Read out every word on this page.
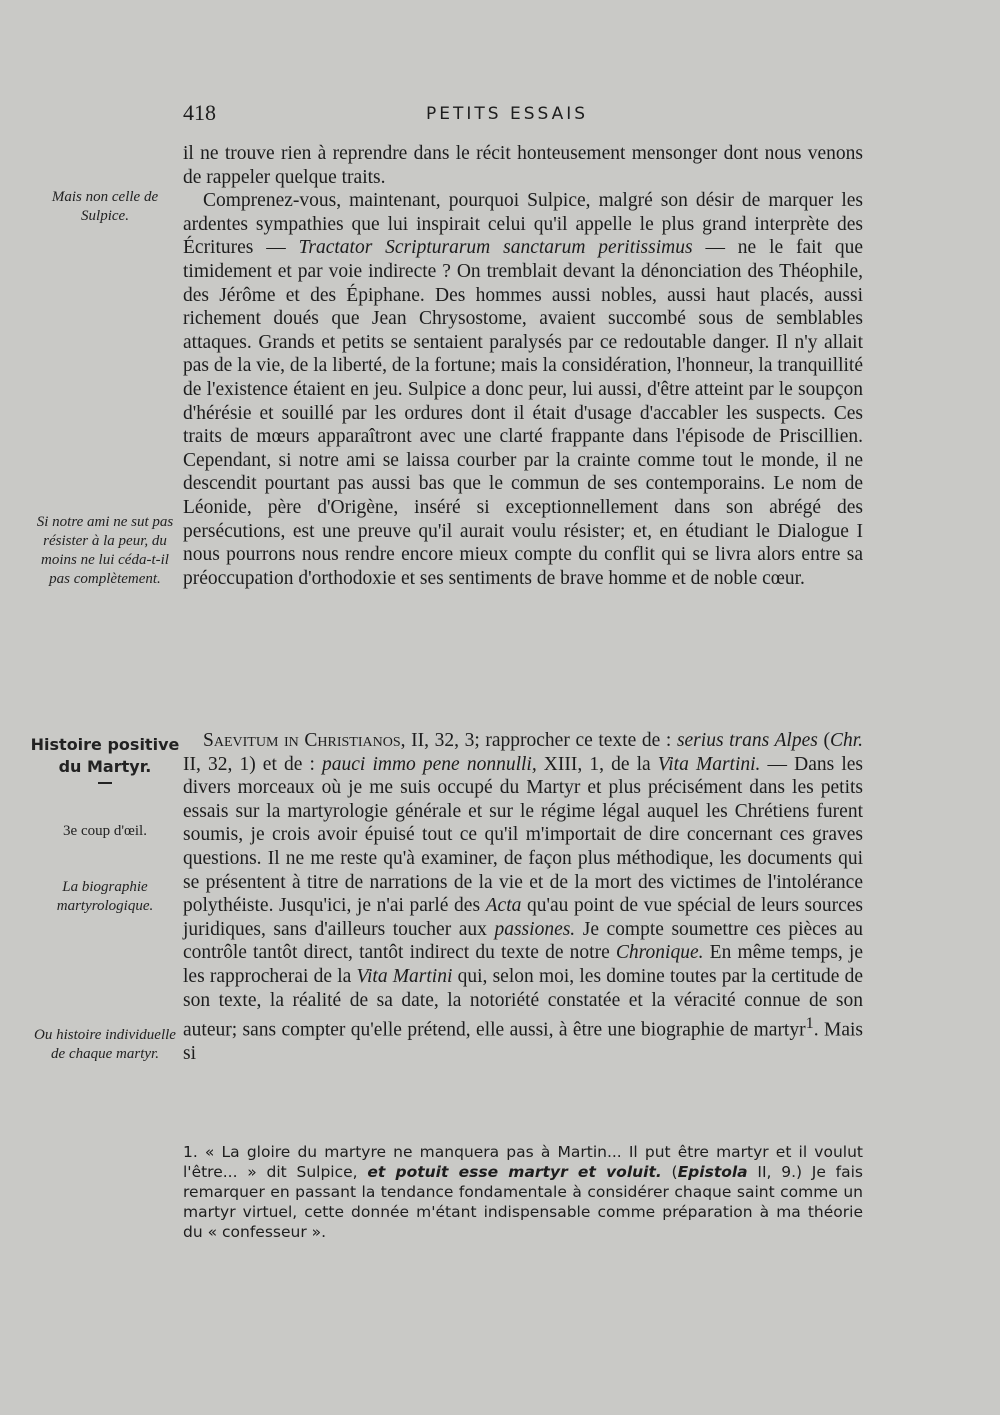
418	PETITS ESSAIS
Mais non celle de Sulpice.
Si notre ami ne sut pas résister à la peur, du moins ne lui céda-t-il pas complètement.
Histoire positive du Martyr.
3e coup d'œil.
La biographie martyrologique.
Ou histoire individuelle de chaque martyr.

il ne trouve rien à reprendre dans le récit honteusement mensonger dont nous venons de rappeler quelque traits.

Comprenez-vous, maintenant, pourquoi Sulpice, malgré son désir de marquer les ardentes sympathies que lui inspirait celui qu'il appelle le plus grand interprète des Écritures — Tractator Scripturarum sanctarum peritissimus — ne le fait que timidement et par voie indirecte ? On tremblait devant la dénonciation des Théophile, des Jérôme et des Épiphane. Des hommes aussi nobles, aussi haut placés, aussi richement doués que Jean Chrysostome, avaient succombé sous de semblables attaques. Grands et petits se sentaient paralysés par ce redoutable danger. Il n'y allait pas de la vie, de la liberté, de la fortune; mais la considération, l'honneur, la tranquillité de l'existence étaient en jeu. Sulpice a donc peur, lui aussi, d'être atteint par le soupçon d'hérésie et souillé par les ordures dont il était d'usage d'accabler les suspects. Ces traits de mœurs apparaîtront avec une clarté frappante dans l'épisode de Priscillien. Cependant, si notre ami se laissa courber par la crainte comme tout le monde, il ne descendit pourtant pas aussi bas que le commun de ses contemporains. Le nom de Léonide, père d'Origène, inséré si exceptionnellement dans son abrégé des persécutions, est une preuve qu'il aurait voulu résister; et, en étudiant le Dialogue I nous pourrons nous rendre encore mieux compte du conflit qui se livra alors entre sa préoccupation d'orthodoxie et ses sentiments de brave homme et de noble cœur.

Saevitum in Christianos, II, 32, 3; rapprocher ce texte de : serius trans Alpes (Chr. II, 32, 1) et de : pauci immo pene nonnulli, XIII, 1, de la Vita Martini. — Dans les divers morceaux où je me suis occupé du Martyr et plus précisément dans les petits essais sur la martyrologie générale et sur le régime légal auquel les Chrétiens furent soumis, je crois avoir épuisé tout ce qu'il m'importait de dire concernant ces graves questions. Il ne me reste qu'à examiner, de façon plus méthodique, les documents qui se présentent à titre de narrations de la vie et de la mort des victimes de l'intolérance polythéiste. Jusqu'ici, je n'ai parlé des Acta qu'au point de vue spécial de leurs sources juridiques, sans d'ailleurs toucher aux passiones. Je compte soumettre ces pièces au contrôle tantôt direct, tantôt indirect du texte de notre Chronique. En même temps, je les rapprocherai de la Vita Martini qui, selon moi, les domine toutes par la certitude de son texte, la réalité de sa date, la notoriété constatée et la véracité connue de son auteur; sans compter qu'elle prétend, elle aussi, à être une biographie de martyr$^1$. Mais si

1. « La gloire du martyre ne manquera pas à Martin... Il put être martyr et il voulut l'être... » dit Sulpice, et potuit esse martyr et voluit. (Epistola II, 9.) Je fais remarquer en passant la tendance fondamentale à considérer chaque saint comme un martyr virtuel, cette donnée m'étant indispensable comme préparation à ma théorie du « confesseur ».
